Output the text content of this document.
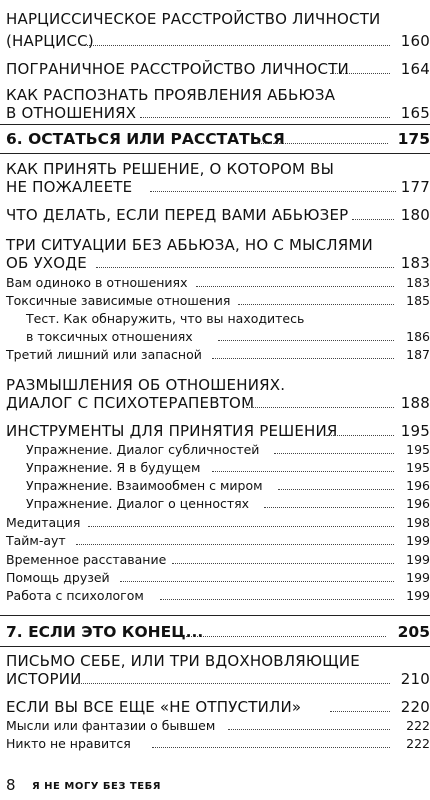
НАРЦИССИЧЕСКОЕ РАССТРОЙСТВО ЛИЧНОСТИ
(НАРЦИСС)	160
ПОГРАНИЧНОЕ РАССТРОЙСТВО ЛИЧНОСТИ	164
КАК РАСПОЗНАТЬ ПРОЯВЛЕНИЯ АБЬЮЗА
В ОТНОШЕНИЯХ	165
6. ОСТАТЬСЯ ИЛИ РАССТАТЬСЯ	175
КАК ПРИНЯТЬ РЕШЕНИЕ, О КОТОРОМ ВЫ
НЕ ПОЖАЛЕЕТЕ	177
ЧТО ДЕЛАТЬ, ЕСЛИ ПЕРЕД ВАМИ АБЬЮЗЕР	180
ТРИ СИТУАЦИИ БЕЗ АБЬЮЗА, НО С МЫСЛЯМИ
ОБ УХОДЕ	183
Вам одиноко в отношениях	183
Токсичные зависимые отношения	185
Тест. Как обнаружить, что вы находитесь
в токсичных отношениях	186
Третий лишний или запасной	187
РАЗМЫШЛЕНИЯ ОБ ОТНОШЕНИЯХ.
ДИАЛОГ С ПСИХОТЕРАПЕВТОМ	188
ИНСТРУМЕНТЫ ДЛЯ ПРИНЯТИЯ РЕШЕНИЯ	195
Упражнение. Диалог субличностей	195
Упражнение. Я в будущем	195
Упражнение. Взаимообмен с миром	196
Упражнение. Диалог о ценностях	196
Медитация	198
Тайм-аут	199
Временное расставание	199
Помощь друзей	199
Работа с психологом	199
7. ЕСЛИ ЭТО КОНЕЦ...	205
ПИСЬМО СЕБЕ, ИЛИ ТРИ ВДОХНОВЛЯЮЩИЕ
ИСТОРИИ	210
ЕСЛИ ВЫ ВСЕ ЕЩЕ «НЕ ОТПУСТИЛИ»	220
Мысли или фантазии о бывшем	222
Никто не нравится	222
8 Я НЕ МОГУ БЕЗ ТЕБЯ
